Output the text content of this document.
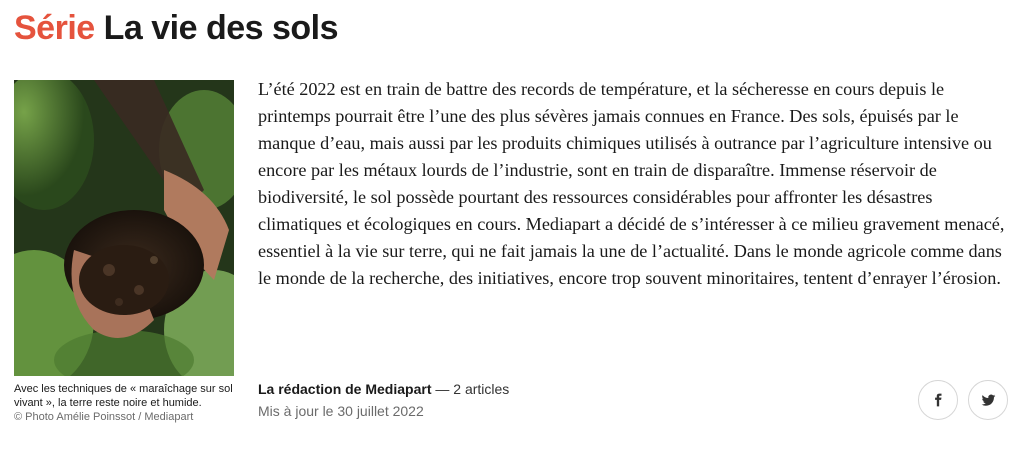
Série La vie des sols
Avec les techniques de « maraîchage sur sol vivant », la terre reste noire et humide.
© Photo Amélie Poinssot / Mediapart

L’été 2022 est en train de battre des records de température, et la sécheresse en cours depuis le printemps pourrait être l’une des plus sévères jamais connues en France. Des sols, épuisés par le manque d’eau, mais aussi par les produits chimiques utilisés à outrance par l’agriculture intensive ou encore par les métaux lourds de l’industrie, sont en train de disparaître. Immense réservoir de biodiversité, le sol possède pourtant des ressources considérables pour affronter les désastres climatiques et écologiques en cours. Mediapart a décidé de s’intéresser à ce milieu gravement menacé, essentiel à la vie sur terre, qui ne fait jamais la une de l’actualité. Dans le monde agricole comme dans le monde de la recherche, des initiatives, encore trop souvent minoritaires, tentent d’enrayer l’érosion.

La rédaction de Mediapart — 2 articles
Mis à jour le 30 juillet 2022
